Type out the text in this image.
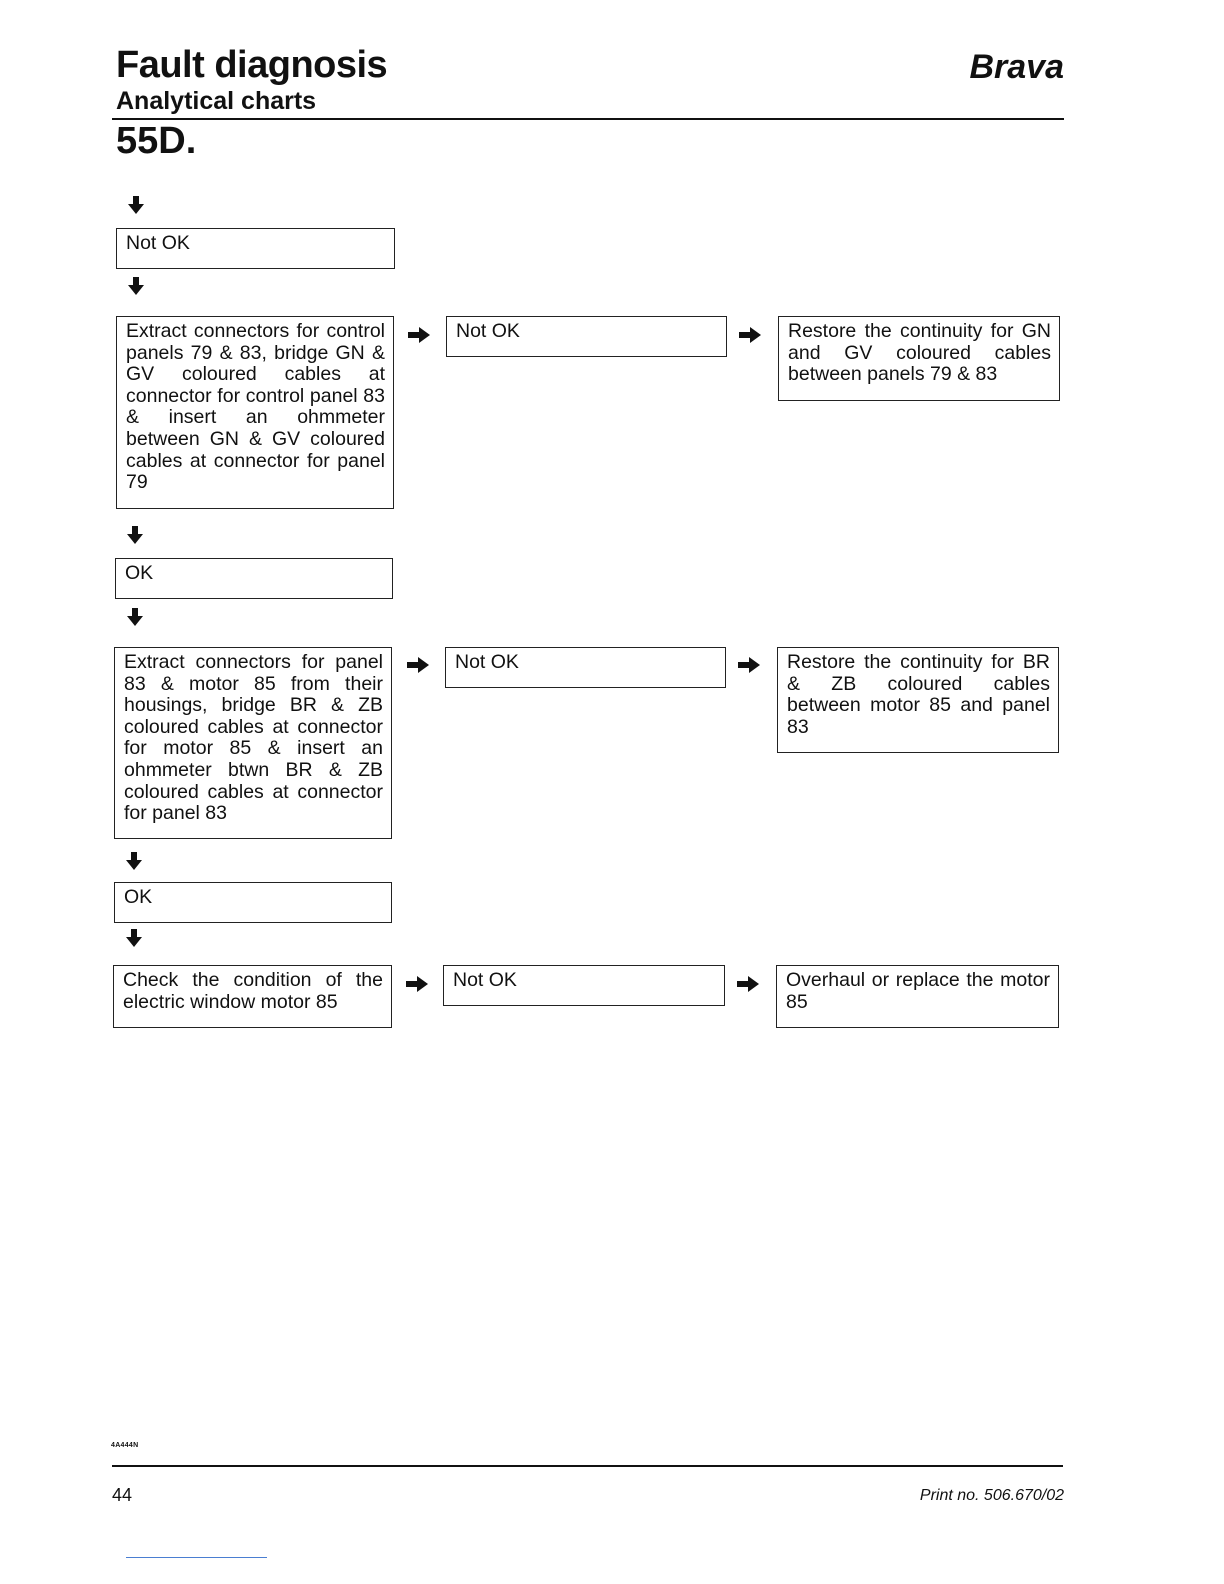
Fault diagnosis
Analytical charts
Brava
55D.
Not OK
Extract connectors for control panels 79 & 83, bridge GN & GV coloured cables at connector for control panel 83 & insert an ohmmeter between GN & GV coloured cables at connector for panel 79
Not OK	Restore the continuity for GN and GV coloured cables between panels 79 & 83
OK
Extract connectors for panel 83 & motor 85 from their housings, bridge BR & ZB coloured cables at connector for motor 85 & insert an ohmmeter btwn BR & ZB coloured cables at connector for panel 83
Not OK	Restore the continuity for BR & ZB coloured cables between motor 85 and panel 83
OK
Check the condition of the electric window motor 85
Not OK	Overhaul or replace the motor 85
4A444N
44	Print no. 506.670/02
